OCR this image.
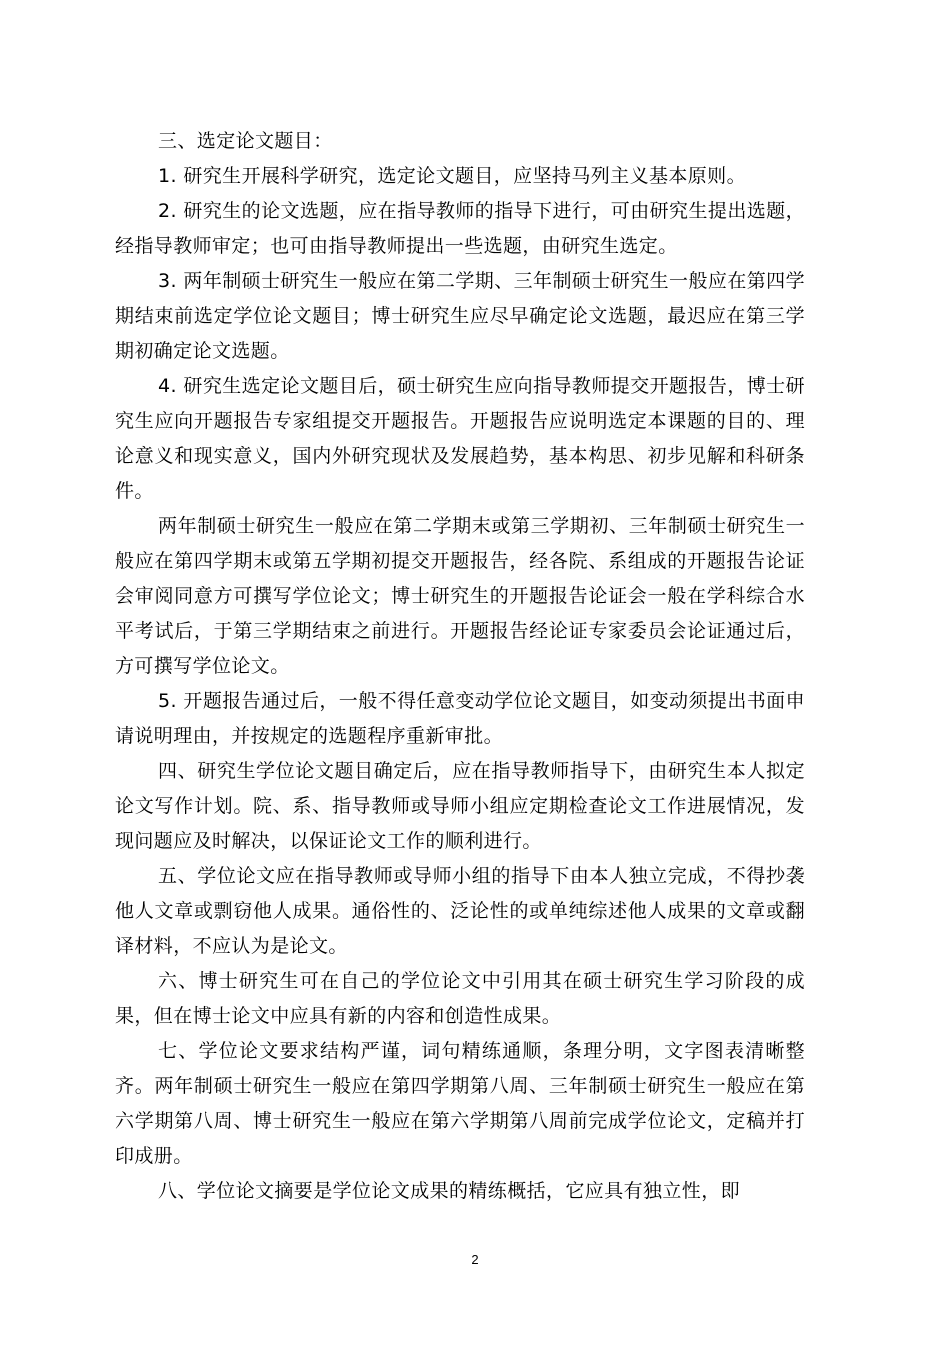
三、选定论文题目：

1. 研究生开展科学研究，选定论文题目，应坚持马列主义基本原则。

2. 研究生的论文选题，应在指导教师的指导下进行，可由研究生提出选题，经指导教师审定；也可由指导教师提出一些选题，由研究生选定。

3. 两年制硕士研究生一般应在第二学期、三年制硕士研究生一般应在第四学期结束前选定学位论文题目；博士研究生应尽早确定论文选题，最迟应在第三学期初确定论文选题。

4. 研究生选定论文题目后，硕士研究生应向指导教师提交开题报告，博士研究生应向开题报告专家组提交开题报告。开题报告应说明选定本课题的目的、理论意义和现实意义，国内外研究现状及发展趋势，基本构思、初步见解和科研条件。

两年制硕士研究生一般应在第二学期末或第三学期初、三年制硕士研究生一般应在第四学期末或第五学期初提交开题报告，经各院、系组成的开题报告论证会审阅同意方可撰写学位论文；博士研究生的开题报告论证会一般在学科综合水平考试后，于第三学期结束之前进行。开题报告经论证专家委员会论证通过后，方可撰写学位论文。

5. 开题报告通过后，一般不得任意变动学位论文题目，如变动须提出书面申请说明理由，并按规定的选题程序重新审批。

四、研究生学位论文题目确定后，应在指导教师指导下，由研究生本人拟定论文写作计划。院、系、指导教师或导师小组应定期检查论文工作进展情况，发现问题应及时解决，以保证论文工作的顺利进行。

五、学位论文应在指导教师或导师小组的指导下由本人独立完成，不得抄袭他人文章或剽窃他人成果。通俗性的、泛论性的或单纯综述他人成果的文章或翻译材料，不应认为是论文。

六、博士研究生可在自己的学位论文中引用其在硕士研究生学习阶段的成果，但在博士论文中应具有新的内容和创造性成果。

七、学位论文要求结构严谨，词句精练通顺，条理分明，文字图表清晰整齐。两年制硕士研究生一般应在第四学期第八周、三年制硕士研究生一般应在第六学期第八周、博士研究生一般应在第六学期第八周前完成学位论文，定稿并打印成册。

八、学位论文摘要是学位论文成果的精练概括，它应具有独立性，即

2
